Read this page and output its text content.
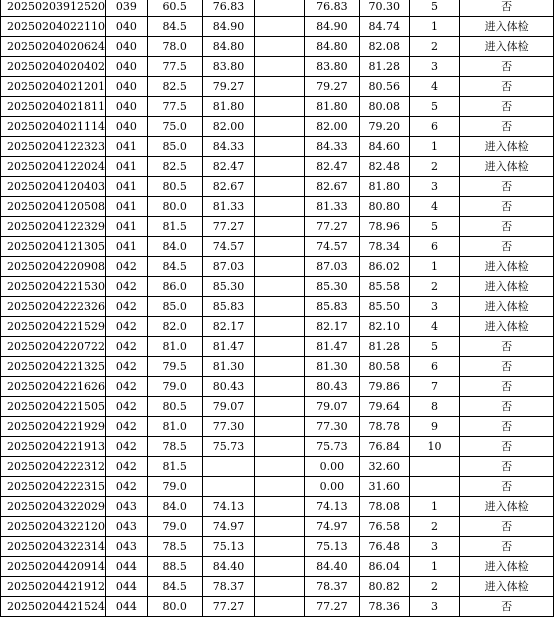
20250203912520	039	60.5	76.83		76.83	70.30	5	否
20250204022110	040	84.5	84.90		84.90	84.74	1	进入体检
20250204020624	040	78.0	84.80		84.80	82.08	2	进入体检
20250204020402	040	77.5	83.80		83.80	81.28	3	否
20250204021201	040	82.5	79.27		79.27	80.56	4	否
20250204021811	040	77.5	81.80		81.80	80.08	5	否
20250204021114	040	75.0	82.00		82.00	79.20	6	否
20250204122323	041	85.0	84.33		84.33	84.60	1	进入体检
20250204122024	041	82.5	82.47		82.47	82.48	2	进入体检
20250204120403	041	80.5	82.67		82.67	81.80	3	否
20250204120508	041	80.0	81.33		81.33	80.80	4	否
20250204122329	041	81.5	77.27		77.27	78.96	5	否
20250204121305	041	84.0	74.57		74.57	78.34	6	否
20250204220908	042	84.5	87.03		87.03	86.02	1	进入体检
20250204221530	042	86.0	85.30		85.30	85.58	2	进入体检
20250204222326	042	85.0	85.83		85.83	85.50	3	进入体检
20250204221529	042	82.0	82.17		82.17	82.10	4	进入体检
20250204220722	042	81.0	81.47		81.47	81.28	5	否
20250204221325	042	79.5	81.30		81.30	80.58	6	否
20250204221626	042	79.0	80.43		80.43	79.86	7	否
20250204221505	042	80.5	79.07		79.07	79.64	8	否
20250204221929	042	81.0	77.30		77.30	78.78	9	否
20250204221913	042	78.5	75.73		75.73	76.84	10	否
20250204222312	042	81.5			0.00	32.60		否
20250204222315	042	79.0			0.00	31.60		否
20250204322029	043	84.0	74.13		74.13	78.08	1	进入体检
20250204322120	043	79.0	74.97		74.97	76.58	2	否
20250204322314	043	78.5	75.13		75.13	76.48	3	否
20250204420914	044	88.5	84.40		84.40	86.04	1	进入体检
20250204421912	044	84.5	78.37		78.37	80.82	2	进入体检
20250204421524	044	80.0	77.27		77.27	78.36	3	否
